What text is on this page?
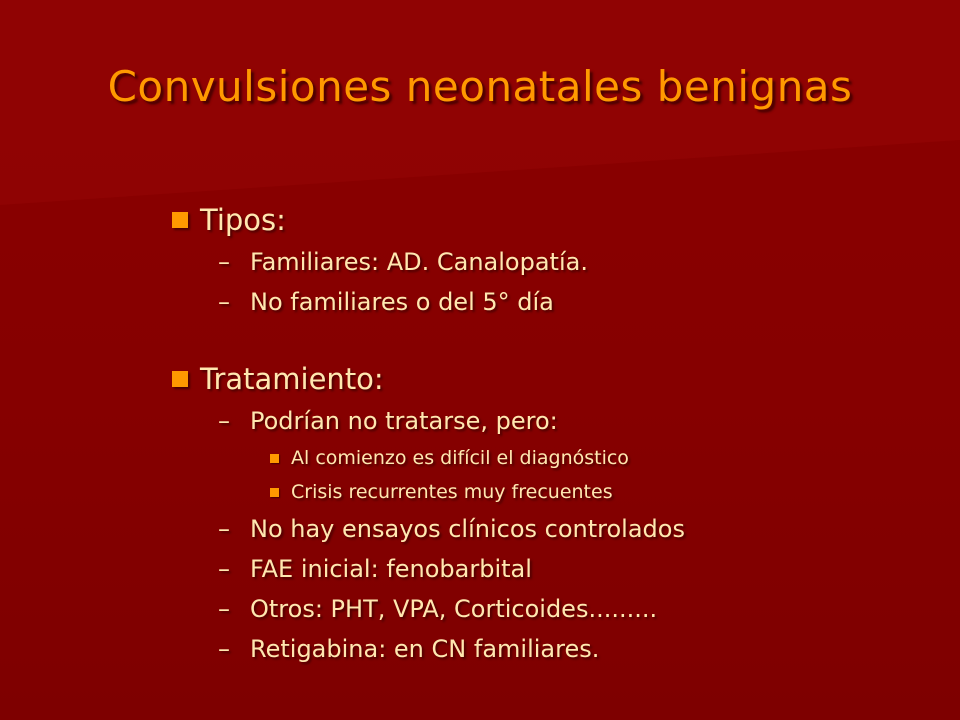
Convulsiones neonatales benignas
Tipos:
– Familiares: AD. Canalopatía.
– No familiares o del 5° día
Tratamiento:
– Podrían no tratarse, pero:
Al comienzo es difícil el diagnóstico
Crisis recurrentes muy frecuentes
– No hay ensayos clínicos controlados
– FAE inicial: fenobarbital
– Otros: PHT, VPA, Corticoides.........
– Retigabina: en CN familiares.
